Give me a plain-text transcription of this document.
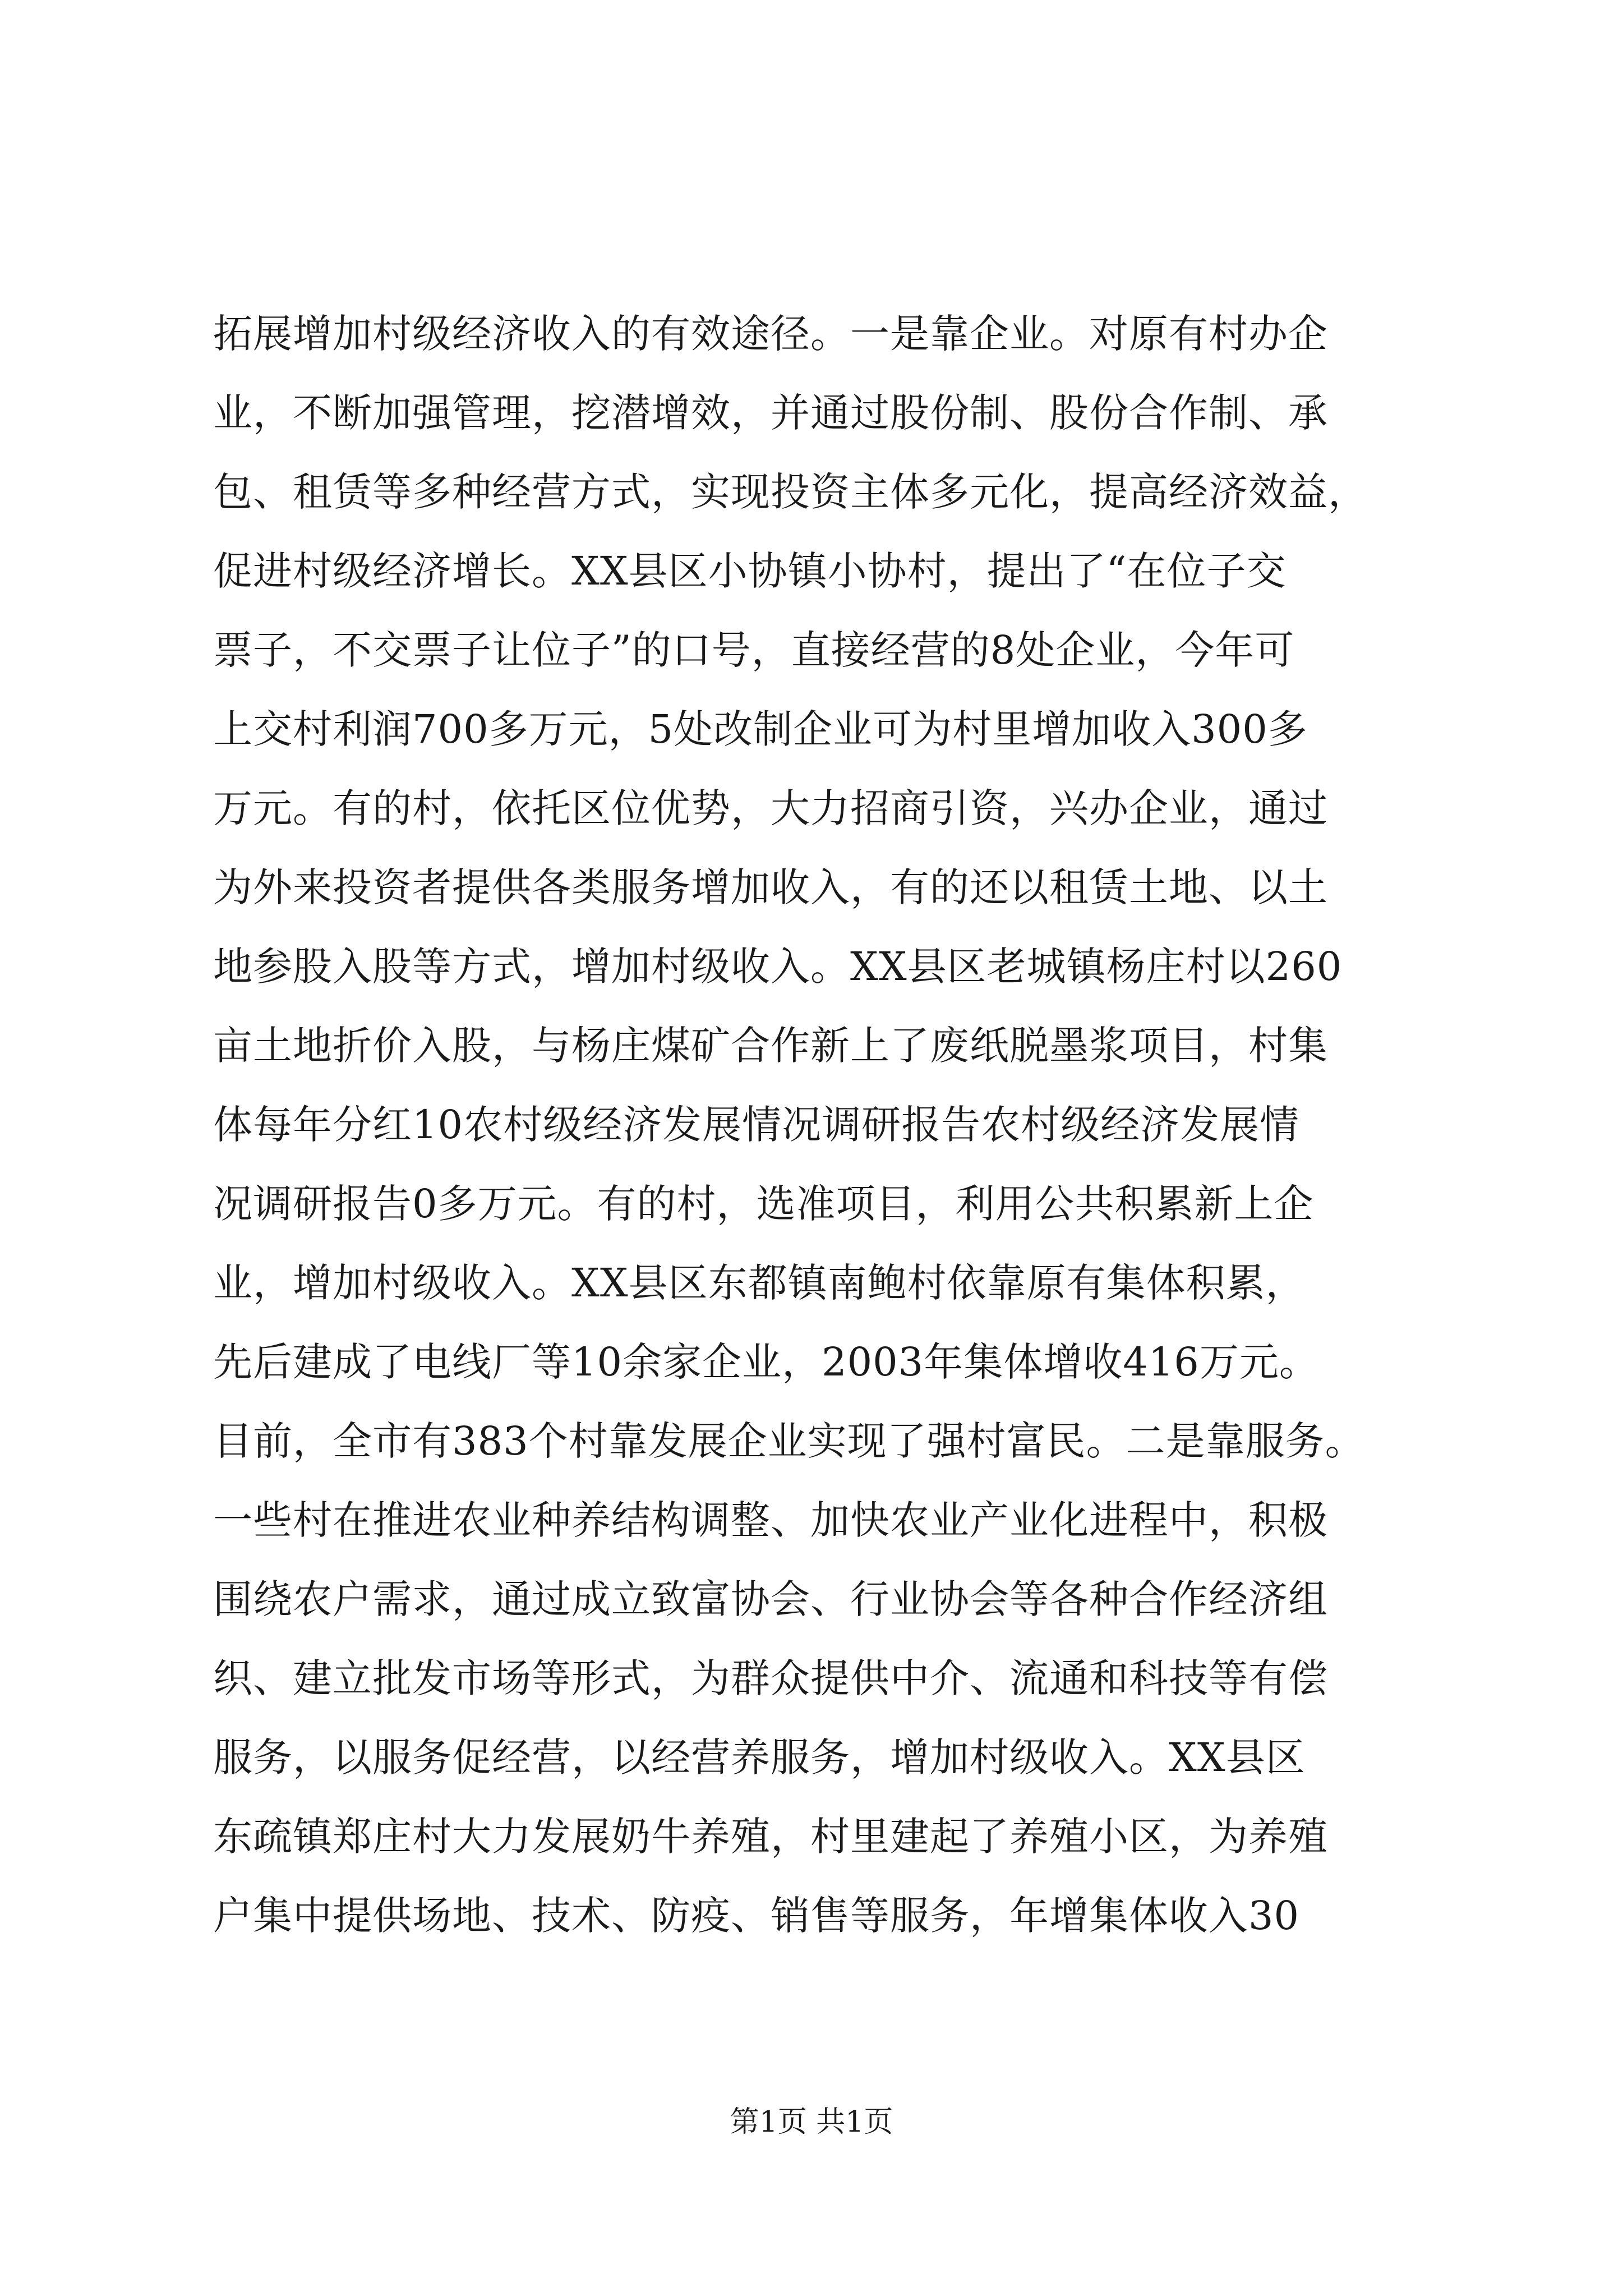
拓展增加村级经济收入的有效途径。一是靠企业。对原有村办企
业，不断加强管理，挖潜增效，并通过股份制、股份合作制、承
包、租赁等多种经营方式，实现投资主体多元化，提高经济效益，
促进村级经济增长。XX县区小协镇小协村，提出了“在位子交
票子，不交票子让位子”的口号，直接经营的8处企业，今年可
上交村利润700多万元，5处改制企业可为村里增加收入300多
万元。有的村，依托区位优势，大力招商引资，兴办企业，通过
为外来投资者提供各类服务增加收入，有的还以租赁土地、以土
地参股入股等方式，增加村级收入。XX县区老城镇杨庄村以260
亩土地折价入股，与杨庄煤矿合作新上了废纸脱墨浆项目，村集
体每年分红10农村级经济发展情况调研报告农村级经济发展情
况调研报告0多万元。有的村，选准项目，利用公共积累新上企
业，增加村级收入。XX县区东都镇南鲍村依靠原有集体积累，
先后建成了电线厂等10余家企业，2003年集体增收416万元。
目前，全市有383个村靠发展企业实现了强村富民。二是靠服务。
一些村在推进农业种养结构调整、加快农业产业化进程中，积极
围绕农户需求，通过成立致富协会、行业协会等各种合作经济组
织、建立批发市场等形式，为群众提供中介、流通和科技等有偿
服务，以服务促经营，以经营养服务，增加村级收入。XX县区
东疏镇郑庄村大力发展奶牛养殖，村里建起了养殖小区，为养殖
户集中提供场地、技术、防疫、销售等服务，年增集体收入30
第1页 共1页
